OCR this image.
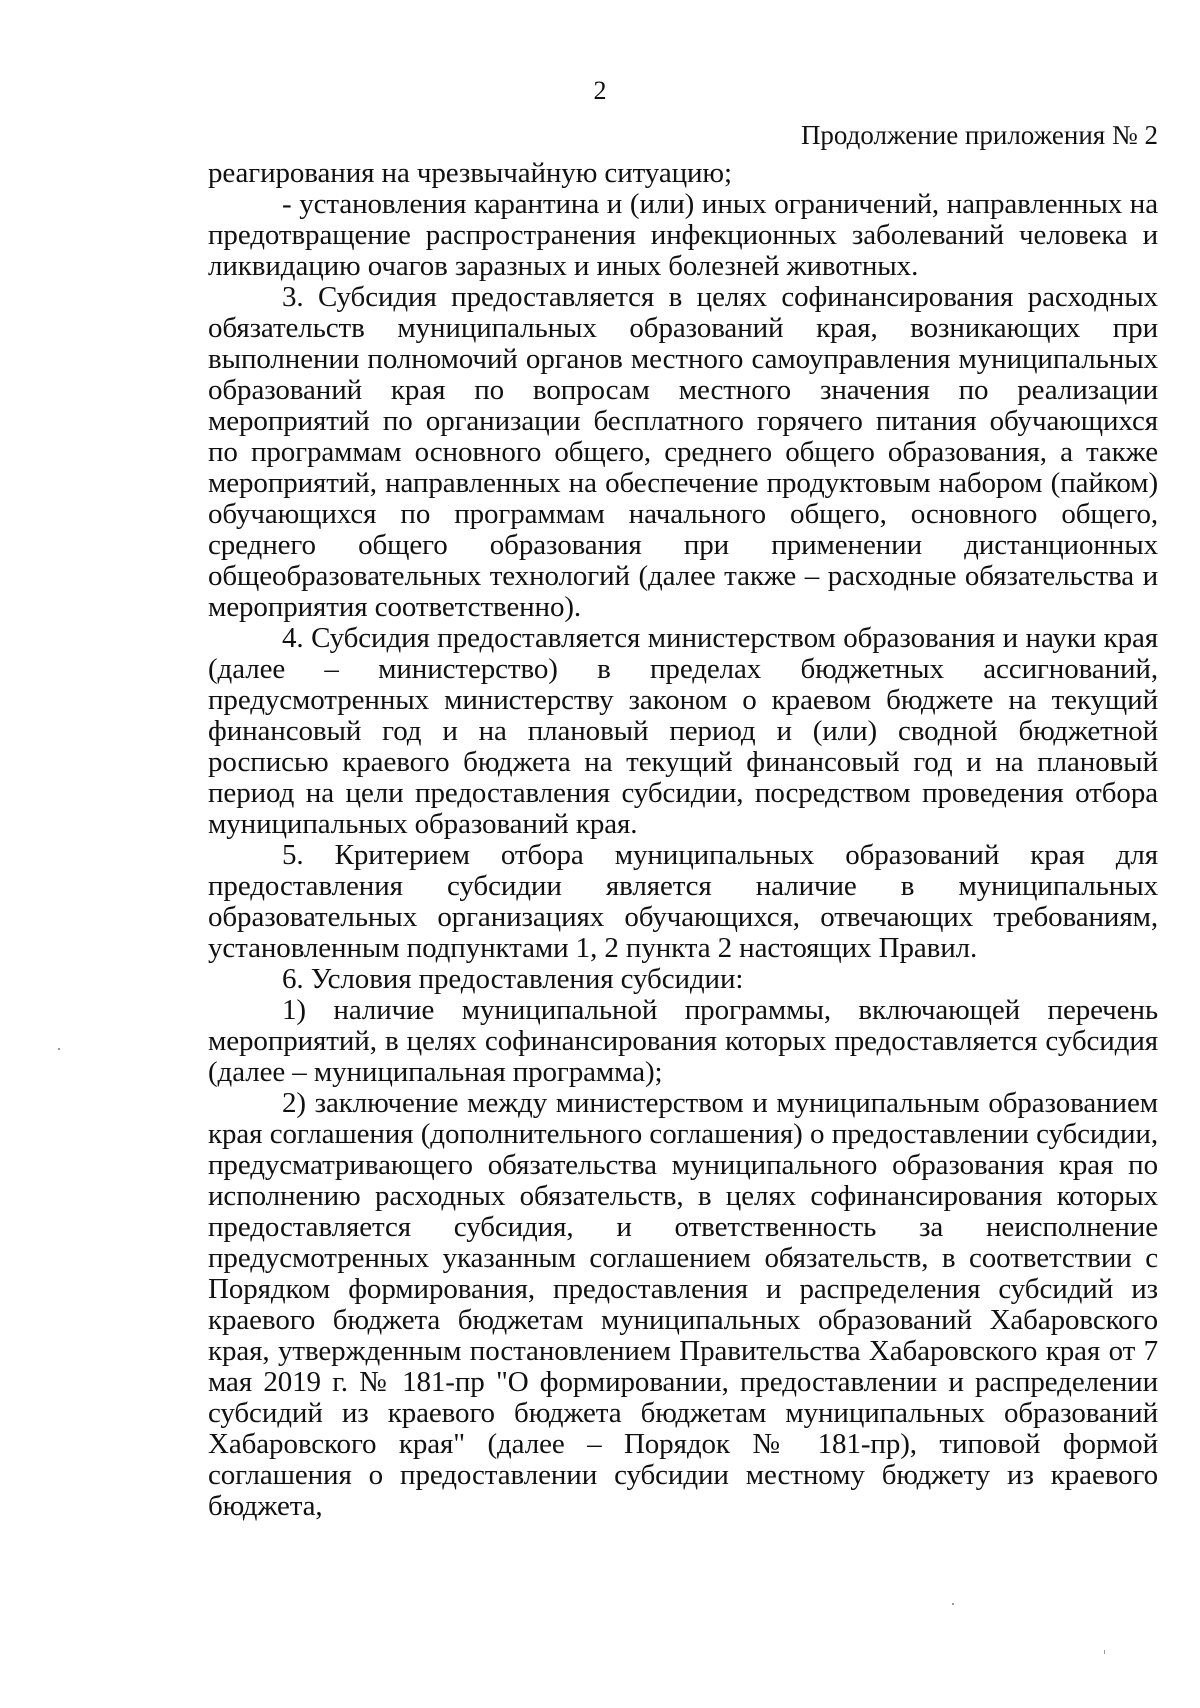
2
Продолжение приложения № 2

реагирования на чрезвычайную ситуацию;

- установления карантина и (или) иных ограничений, направленных на предотвращение распространения инфекционных заболеваний человека и ликвидацию очагов заразных и иных болезней животных.

3. Субсидия предоставляется в целях софинансирования расходных обязательств муниципальных образований края, возникающих при выполнении полномочий органов местного самоуправления муниципальных образований края по вопросам местного значения по реализации мероприятий по организации бесплатного горячего питания обучающихся по программам основного общего, среднего общего образования, а также мероприятий, направленных на обеспечение продуктовым набором (пайком) обучающихся по программам начального общего, основного общего, среднего общего образования при применении дистанционных общеобразовательных технологий (далее также – расходные обязательства и мероприятия соответственно).

4. Субсидия предоставляется министерством образования и науки края (далее – министерство) в пределах бюджетных ассигнований, предусмотренных министерству законом о краевом бюджете на текущий финансовый год и на плановый период и (или) сводной бюджетной росписью краевого бюджета на текущий финансовый год и на плановый период на цели предоставления субсидии, посредством проведения отбора муниципальных образований края.

5. Критерием отбора муниципальных образований края для предоставления субсидии является наличие в муниципальных образовательных организациях обучающихся, отвечающих требованиям, установленным подпунктами 1, 2 пункта 2 настоящих Правил.

6. Условия предоставления субсидии:

1) наличие муниципальной программы, включающей перечень мероприятий, в целях софинансирования которых предоставляется субсидия (далее – муниципальная программа);

2) заключение между министерством и муниципальным образованием края соглашения (дополнительного соглашения) о предоставлении субсидии, предусматривающего обязательства муниципального образования края по исполнению расходных обязательств, в целях софинансирования которых предоставляется субсидия, и ответственность за неисполнение предусмотренных указанным соглашением обязательств, в соответствии с Порядком формирования, предоставления и распределения субсидий из краевого бюджета бюджетам муниципальных образований Хабаровского края, утвержденным постановлением Правительства Хабаровского края от 7 мая 2019 г. № 181-пр "О формировании, предоставлении и распределении субсидий из краевого бюджета бюджетам муниципальных образований Хабаровского края" (далее – Порядок № 181-пр), типовой формой соглашения о предоставлении субсидии местному бюджету из краевого бюджета,
